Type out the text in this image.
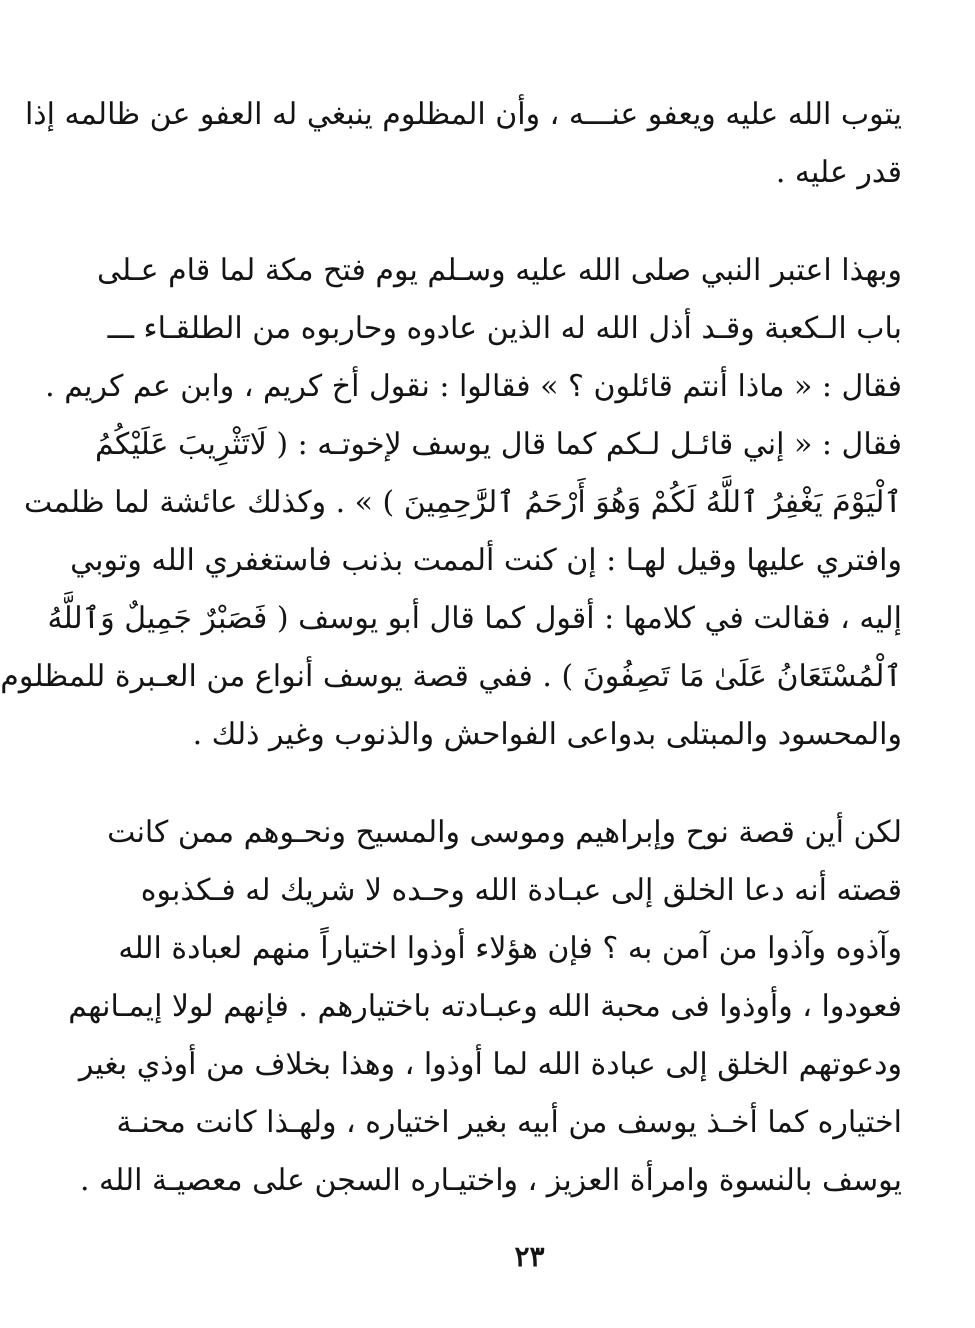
يتوب الله عليه ويعفو عنـــه ، وأن المظلوم ينبغي له العفو عن ظالمه إذا
قدر عليه .
وبهذا اعتبر النبي صلى الله عليه وسـلم يوم فتح مكة لما قام عـلى
باب الـكعبة وقـد أذل الله له الذين عادوه وحاربوه من الطلقـاء ـــ
فقال : « ماذا أنتم قائلون ؟ » فقالوا : نقول أخ كريم ، وابن عم كريم .
فقال : « إني قائـل لـكم كما قال يوسف لإخوتـه : ( لَاتَثْرِيبَ عَلَيْكُمُ
ٱلْيَوْمَ يَغْفِرُ ٱللَّهُ لَكُمْ وَهُوَ أَرْحَمُ ٱلرَّٰحِمِينَ ) » . وكذلك عائشة لما ظلمت
وافتري عليها وقيل لهـا : إن كنت ألممت بذنب فاستغفري الله وتوبي
إليه ، فقالت في كلامها : أقول كما قال أبو يوسف ( فَصَبْرٌ جَمِيلٌ وَٱللَّهُ
ٱلْمُسْتَعَانُ عَلَىٰ مَا تَصِفُونَ ) . ففي قصة يوسف أنواع من العـبرة للمظلوم
والمحسود والمبتلى بدواعى الفواحش والذنوب وغير ذلك .
لكن أين قصة نوح وإبراهيم وموسى والمسيح ونحـوهم ممن كانت
قصته أنه دعا الخلق إلى عبـادة الله وحـده لا شريك له فـكذبوه
وآذوه وآذوا من آمن به ؟ فإن هؤلاء أوذوا اختياراً منهم لعبادة الله
فعودوا ، وأوذوا فى محبة الله وعبـادته باختيارهم . فإنهم لولا إيمـانهم
ودعوتهم الخلق إلى عبادة الله لما أوذوا ، وهذا بخلاف من أوذي بغير
اختياره كما أخـذ يوسف من أبيه بغير اختياره ، ولهـذا كانت محنـة
يوسف بالنسوة وامرأة العزيز ، واختيـاره السجن على معصيـة الله .
٢٣
